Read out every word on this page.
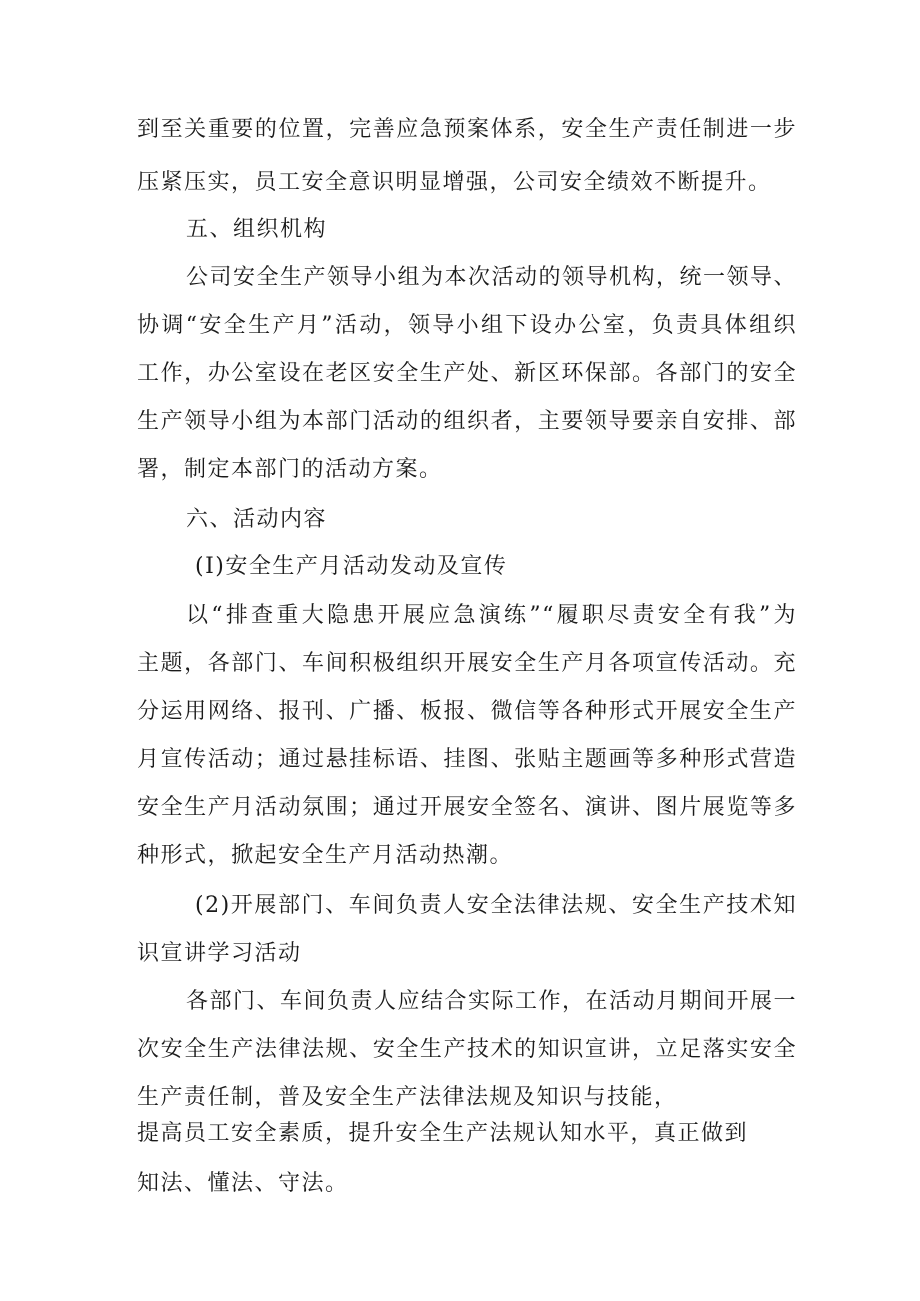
到至关重要的位置，完善应急预案体系，安全生产责任制进一步
压紧压实，员工安全意识明显增强，公司安全绩效不断提升。
五、组织机构
公司安全生产领导小组为本次活动的领导机构，统一领导、
协调“安全生产月”活动，领导小组下设办公室，负责具体组织
工作，办公室设在老区安全生产处、新区环保部。各部门的安全
生产领导小组为本部门活动的组织者，主要领导要亲自安排、部
署，制定本部门的活动方案。
六、活动内容
(I)安全生产月活动发动及宣传
以“排查重大隐患开展应急演练”“履职尽责安全有我”为
主题，各部门、车间积极组织开展安全生产月各项宣传活动。充
分运用网络、报刊、广播、板报、微信等各种形式开展安全生产
月宣传活动；通过悬挂标语、挂图、张贴主题画等多种形式营造
安全生产月活动氛围；通过开展安全签名、演讲、图片展览等多
种形式，掀起安全生产月活动热潮。
(2)开展部门、车间负责人安全法律法规、安全生产技术知
识宣讲学习活动
各部门、车间负责人应结合实际工作，在活动月期间开展一
次安全生产法律法规、安全生产技术的知识宣讲，立足落实安全
生产责任制，普及安全生产法律法规及知识与技能，
提高员工安全素质，提升安全生产法规认知水平，真正做到
知法、懂法、守法。
